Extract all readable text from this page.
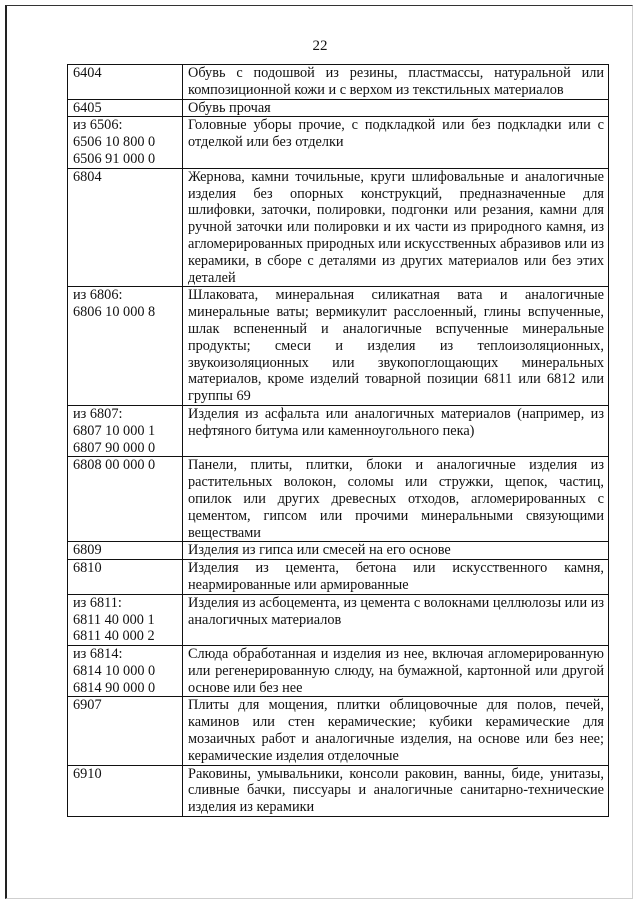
22
6404	Обувь с подошвой из резины, пластмассы, натуральной или композиционной кожи и с верхом из текстильных материалов
6405	Обувь прочая
из 6506:
6506 10 800 0
6506 91 000 0	Головные уборы прочие, с подкладкой или без подкладки или с отделкой или без отделки
6804	Жернова, камни точильные, круги шлифовальные и аналогичные изделия без опорных конструкций, предназначенные для шлифовки, заточки, полировки, подгонки или резания, камни для ручной заточки или полировки и их части из природного камня, из агломерированных природных или искусственных абразивов или из керамики, в сборе с деталями из других материалов или без этих деталей
из 6806:
6806 10 000 8	Шлаковата, минеральная силикатная вата и аналогичные минеральные ваты; вермикулит расслоенный, глины вспученные, шлак вспененный и аналогичные вспученные минеральные продукты; смеси и изделия из теплоизоляционных, звукоизоляционных или звукопоглощающих минеральных материалов, кроме изделий товарной позиции 6811 или 6812 или группы 69
из 6807:
6807 10 000 1
6807 90 000 0	Изделия из асфальта или аналогичных материалов (например, из нефтяного битума или каменноугольного пека)
6808 00 000 0	Панели, плиты, плитки, блоки и аналогичные изделия из растительных волокон, соломы или стружки, щепок, частиц, опилок или других древесных отходов, агломерированных с цементом, гипсом или прочими минеральными связующими веществами
6809	Изделия из гипса или смесей на его основе
6810	Изделия из цемента, бетона или искусственного камня, неармированные или армированные
из 6811:
6811 40 000 1
6811 40 000 2	Изделия из асбоцемента, из цемента с волокнами целлюлозы или из аналогичных материалов
из 6814:
6814 10 000 0
6814 90 000 0	Слюда обработанная и изделия из нее, включая агломерированную или регенерированную слюду, на бумажной, картонной или другой основе или без нее
6907	Плиты для мощения, плитки облицовочные для полов, печей, каминов или стен керамические; кубики керамические для мозаичных работ и аналогичные изделия, на основе или без нее; керамические изделия отделочные
6910	Раковины, умывальники, консоли раковин, ванны, биде, унитазы, сливные бачки, писсуары и аналогичные санитарно-технические изделия из керамики
